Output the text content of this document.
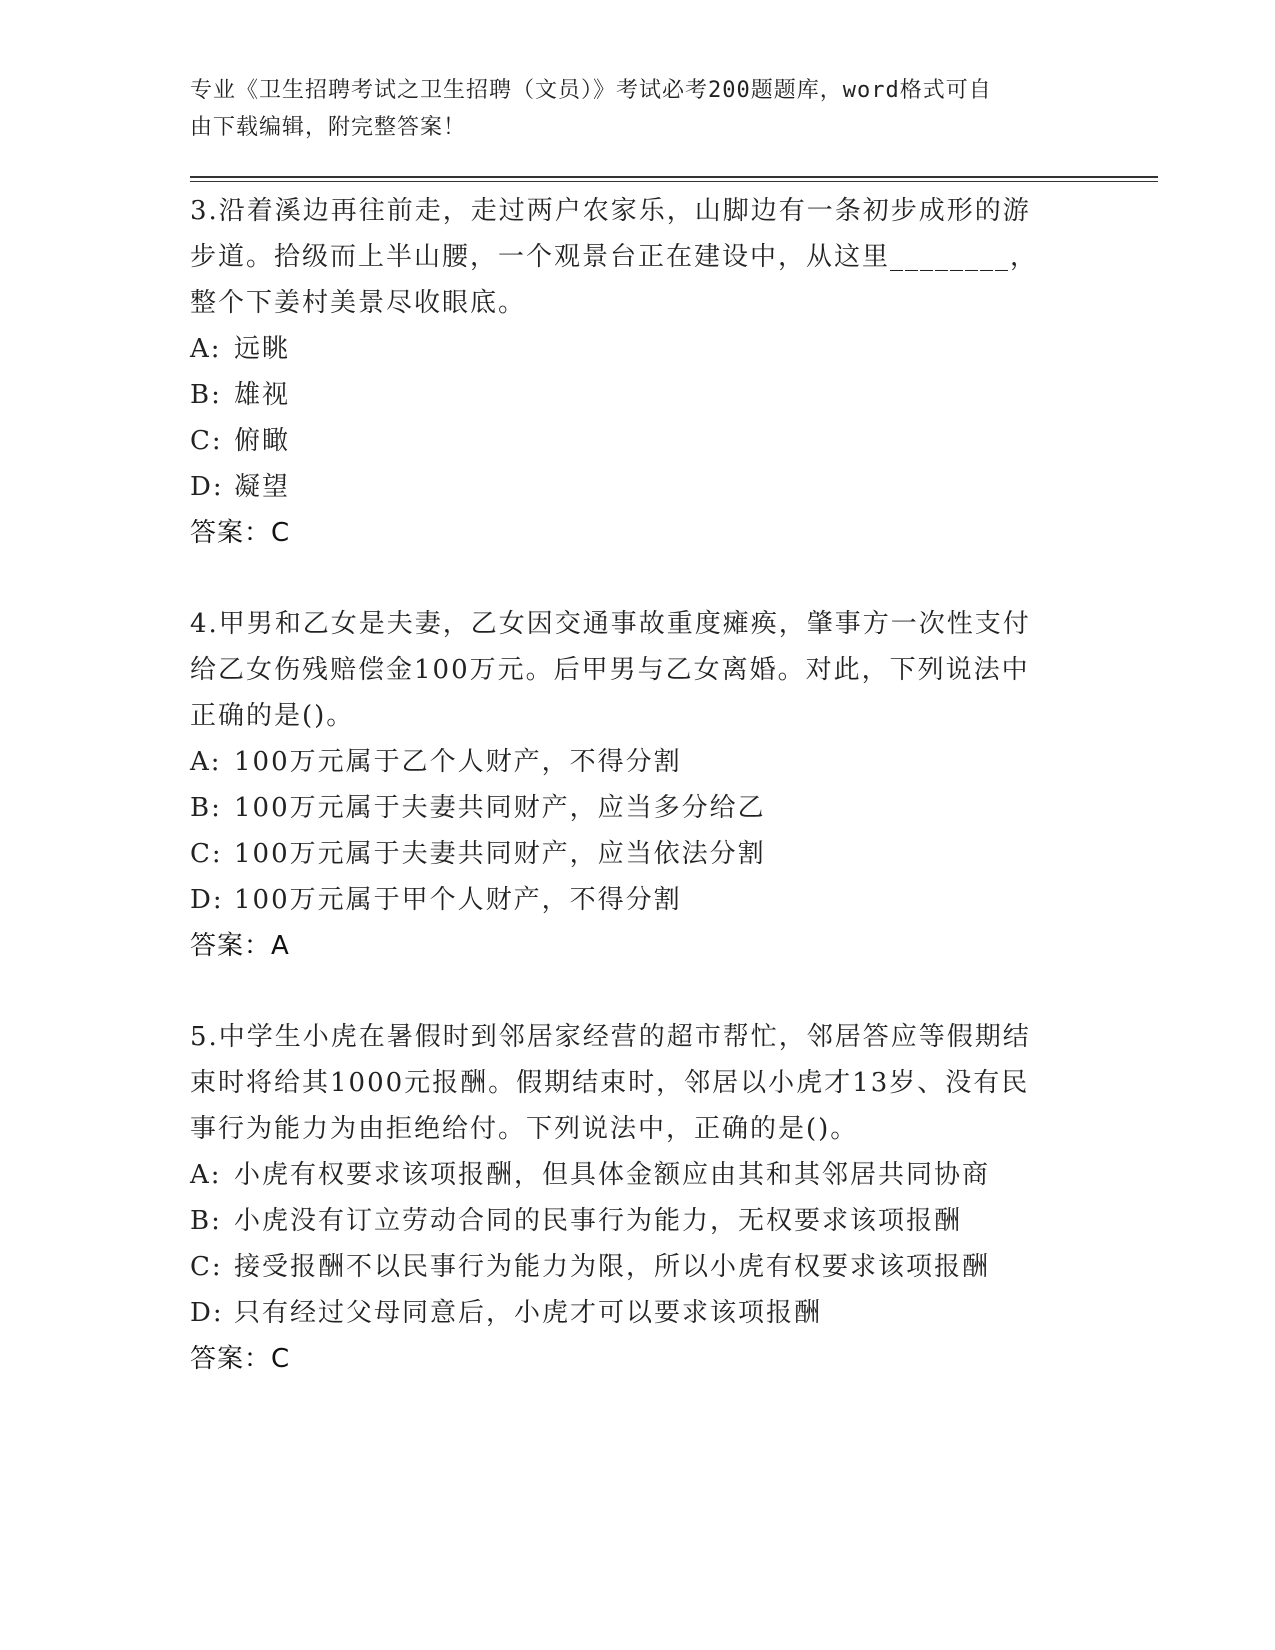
专业《卫生招聘考试之卫生招聘（文员）》考试必考200题题库，word格式可自
由下载编辑，附完整答案！

3.沿着溪边再往前走，走过两户农家乐，山脚边有一条初步成形的游

步道。拾级而上半山腰，一个观景台正在建设中，从这里________，

整个下姜村美景尽收眼底。

A: 远眺

B: 雄视

C: 俯瞰

D: 凝望

答案：C

4.甲男和乙女是夫妻，乙女因交通事故重度瘫痪，肇事方一次性支付

给乙女伤残赔偿金100万元。后甲男与乙女离婚。对此，下列说法中

正确的是()。

A: 100万元属于乙个人财产，不得分割

B: 100万元属于夫妻共同财产，应当多分给乙

C: 100万元属于夫妻共同财产，应当依法分割

D: 100万元属于甲个人财产，不得分割

答案：A

5.中学生小虎在暑假时到邻居家经营的超市帮忙，邻居答应等假期结

束时将给其1000元报酬。假期结束时，邻居以小虎才13岁、没有民

事行为能力为由拒绝给付。下列说法中，正确的是()。

A: 小虎有权要求该项报酬，但具体金额应由其和其邻居共同协商

B: 小虎没有订立劳动合同的民事行为能力，无权要求该项报酬

C: 接受报酬不以民事行为能力为限，所以小虎有权要求该项报酬

D: 只有经过父母同意后，小虎才可以要求该项报酬

答案：C
